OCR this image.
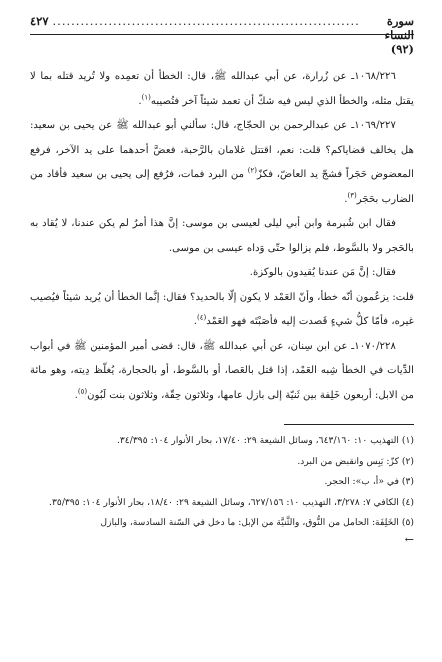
سورة النساء (٩٢)
..................................................................
٤٢٧

١٠٦٨/٢٢٦ـ عن زُرارة، عن أبي عبدالله ﷺ، قال: الخطأ أن تعمِده ولا تُريد قتله بما لا يقتل مثله، والخطأ الذي ليس فيه شكّ أن تعمد شيئاً آخر فتُصيبه$^{(١)}$.

١٠٦٩/٢٢٧ـ عن عبدالرحمن بن الحجّاج، قال: سألني أبو عبدالله ﷺ عن يحيى بن سعيد: هل يخالف قضاياكم؟ قلت: نعم، اقتتل غلامان بالرَّحبة، فعضَّ أحدهما على يد الآخر، فرفع المعضوض حَجَراً فشجّ يد العاضّ، فكزّ$^{(٢)}$ من البرد فمات، فرُفع إلى يحيى بن سعيد فأقاد من الضارب بحَجَر$^{(٣)}$.

فقال ابن شُبرمة وابن أبي ليلى لعيسى بن موسى: إنَّ هذا أمرٌ لم يكن عندنا، لا يُقاد به بالحَجر ولا بالسَّوط، فلم يزالوا حتّى وَداه عيسى بن موسى.

فقال: إنَّ مَن عندنا يُقيدون بالوكزة.

قلت: يزعُمون أنّه خطأ، وأنّ العَمْد لا يكون إلّا بالحديد؟ فقال: إنَّما الخطأ أن يُريد شيئاً فيُصيب غيره، فأمّا كلُّ شيءٍ قَصدت إليه فأصَبْتَه فهو العَمْد$^{(٤)}$.

١٠٧٠/٢٢٨ـ عن ابن سِنان، عن أبي عبدالله ﷺ، قال: قضى أمير المؤمنين ﷺ في أبواب الدِّيات في الخطأ شِبه العَمْد، إذا قتل بالعَصا، أو بالسَّوط، أو بالحجارة، يُغلّظ دِيته، وهو مائة من الابل: أربعون خَلِفة بين ثَنيّة إلى بازل عامها، وثلاثون حِقّة، وثلاثون بنت لَبُون$^{(٥)}$.

(١) التهذيب ١٠: ٦٤٣/١٦٠، وسائل الشيعة ٢٩: ١٧/٤٠، بحار الأنوار ١٠٤: ٣٤/٣٩٥.

(٢) كزّ: يَبِس وانقبض من البرد.

(٣) في «أ، ب»: الحجر.

(٤) الكافي ٧: ٣/٢٧٨، التهذيب ١٠: ٦٢٧/١٥٦، وسائل الشيعة ٢٩: ١٨/٤٠، بحار الأنوار ١٠٤: ٣٥/٣٩٥.

(٥) الخَلِفَة: الحامل من النُّوق، والثَّنيَّة من الإبل: ما دخل في السّنة السادسة، والبازل

←
